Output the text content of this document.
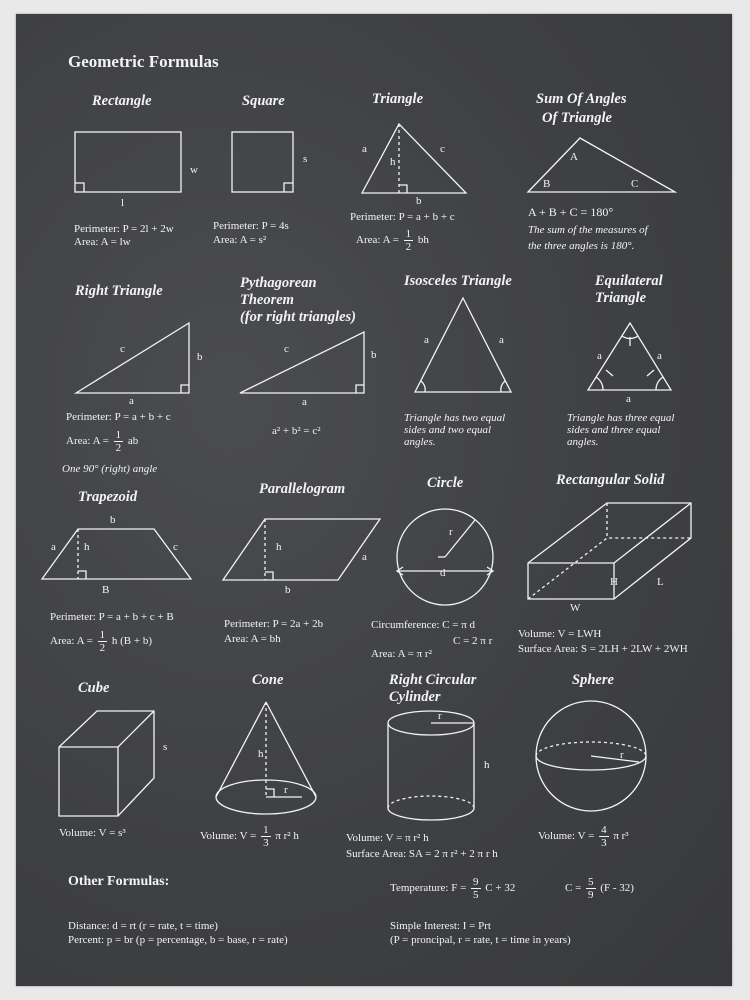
Geometric Formulas
Rectangle
w
l
Perimeter: P = 2l + 2w
Area: A = lw
Square
s
Perimeter: P = 4s
Area: A = s²
Triangle
a	c
h
b
Perimeter: P = a + b + c
Area: $A = \frac{1}{2}$ bh
Sum Of Angles
Of Triangle
A
B	C
A + B + C = 180°
The sum of the measures of
the three angles is 180°.
Right Triangle
c
b
a
Perimeter: P = a + b + c
Area: $A = \frac{1}{2}$ ab
One 90° (right) angle
Pythagorean
Theorem
(for right triangles)
c	b
a
a² + b² = c²
Isosceles Triangle
a	a
Triangle has two equal
sides and two equal
angles.
Equilateral
Triangle
a	a
a
Triangle has three equal
sides and three equal
angles.
Trapezoid
b
a	h	c
B
Perimeter: P = a + b + c + B
Area: $A = \frac{1}{2}$ h (B + b)
Parallelogram
h
a
b
Perimeter: P = 2a + 2b
Area: A = bh
Circle
r
d
Circumference: C = π d
C = 2 π r
Area: A = π r²
Rectangular Solid
H	L
W
Volume: V = LWH
Surface Area: S = 2LH + 2LW + 2WH
Cube
s
Volume: V = s³
Cone
h
r
Volume: $V = \frac{1}{3}$ π r² h
Right Circular
Cylinder
r
h
Volume: V = π r² h
Surface Area: SA = 2 π r² + 2 π r h
Sphere
r
Volume: $V = \frac{4}{3}$ π r³
Other Formulas:	Temperature: $F = \frac{9}{5}$ C + 32	$C = \frac{5}{9} (F - 32)$
Distance: d = rt (r = rate, t = time)
Percent: p = br (p = percentage, b = base, r = rate)
Simple Interest: I = Prt
(P = pronc​ipal, r = rate, t = time in years)
